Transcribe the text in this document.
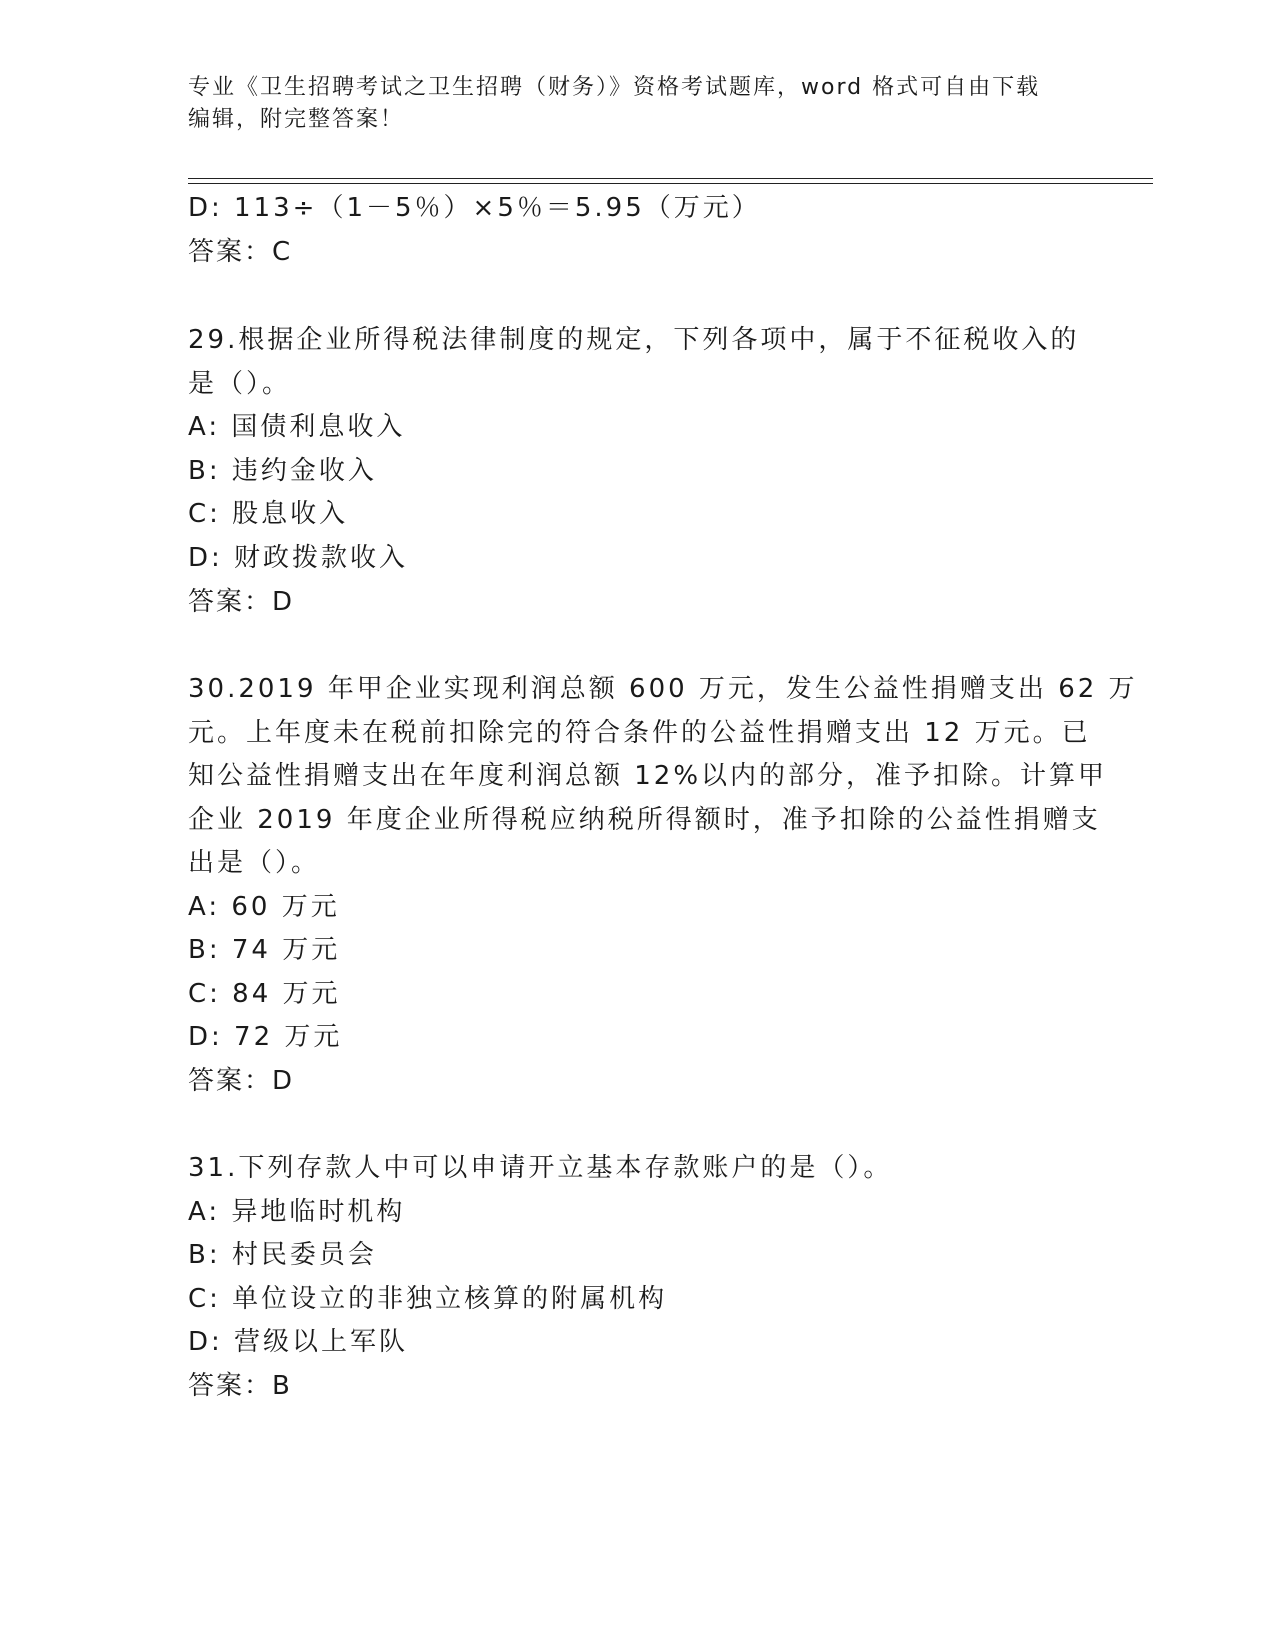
专业《卫生招聘考试之卫生招聘（财务）》资格考试题库，word 格式可自由下载
编辑，附完整答案！
D: 113÷（1－5％）×5％＝5.95（万元）
答案：C
29.根据企业所得税法律制度的规定，下列各项中，属于不征税收入的
是（）。
A: 国债利息收入
B: 违约金收入
C: 股息收入
D: 财政拨款收入
答案：D
30.2019 年甲企业实现利润总额 600 万元，发生公益性捐赠支出 62 万
元。上年度未在税前扣除完的符合条件的公益性捐赠支出 12 万元。已
知公益性捐赠支出在年度利润总额 12%以内的部分，准予扣除。计算甲
企业 2019 年度企业所得税应纳税所得额时，准予扣除的公益性捐赠支
出是（）。
A: 60 万元
B: 74 万元
C: 84 万元
D: 72 万元
答案：D
31.下列存款人中可以申请开立基本存款账户的是（）。
A: 异地临时机构
B: 村民委员会
C: 单位设立的非独立核算的附属机构
D: 营级以上军队
答案：B
